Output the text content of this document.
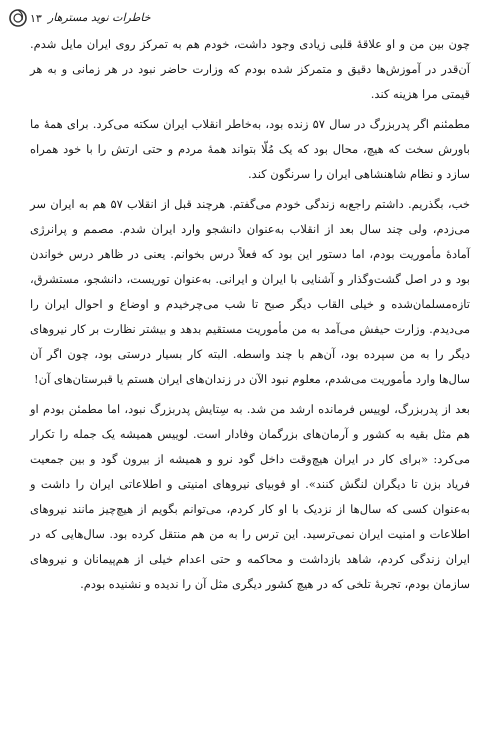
۱۳ خاطرات نوید مسترهار

چون بین من و او علاقهٔ قلبی زیادی وجود داشت، خودم هم به تمرکز روی ایران مایل شدم. آن‌قدر در آموزش‌ها دقیق و متمرکز شده بودم که وزارت حاضر نبود در هر زمانی و به هر قیمتی مرا هزینه کند.

مطمئنم اگر پدربزرگ در سال ۵۷ زنده بود، به‌خاطر انقلاب ایران سکته می‌کرد. برای همهٔ ما باورش سخت که هیچ، محال بود که یک مُلّا بتواند همهٔ مردم و حتی ارتش را با خود همراه سازد و نظام شاهنشاهی ایران را سرنگون کند.

خب، بگذریم. داشتم راجع‌به زندگی خودم می‌گفتم. هرچند قبل از انقلاب ۵۷ هم به ایران سر می‌زدم، ولی چند سال بعد از انقلاب به‌عنوان دانشجو وارد ایران شدم. مصمم و پرانرژی آمادهٔ مأموریت بودم، اما دستور این بود که فعلاً درس بخوانم. یعنی در ظاهر درس خواندن بود و در اصل گشت‌وگذار و آشنایی با ایران و ایرانی. به‌عنوان توریست، دانشجو، مستشرق، تازه‌مسلمان‌شده و خیلی القاب دیگر صبح تا شب می‌چرخیدم و اوضاع و احوال ایران را می‌دیدم. وزارت حیفش می‌آمد به من مأموریت مستقیم بدهد و بیشتر نظارت بر کار نیروهای دیگر را به من سپرده بود، آن‌هم با چند واسطه. البته کار بسیار درستی بود، چون اگر آن سال‌ها وارد مأموریت می‌شدم، معلوم نبود الآن در زندان‌های ایران هستم یا قبرستان‌های آن!

بعد از پدربزرگ، لوییس فرمانده ارشد من شد. به سِتایش پدربزرگ نبود، اما مطمئن بودم او هم مثل بقیه به کشور و آرمان‌های بزرگمان وفادار است. لوییس همیشه یک جمله را تکرار می‌کرد: «برای کار در ایران هیچ‌وقت داخل گود نرو و همیشه از بیرون گود و بین جمعیت فریاد بزن تا دیگران لنگش کنند». او فوبیای نیروهای امنیتی و اطلاعاتی ایران را داشت و به‌عنوان کسی که سال‌ها از نزدیک با او کار کردم، می‌توانم بگویم از هیچ‌چیز مانند نیروهای اطلاعات و امنیت ایران نمی‌ترسید. این ترس را به من هم منتقل کرده بود. سال‌هایی که در ایران زندگی کردم، شاهد بازداشت و محاکمه و حتی اعدام خیلی از هم‌پیمانان و نیروهای سازمان بودم، تجربهٔ تلخی که در هیچ کشور دیگری مثل آن را ندیده و نشنیده بودم.
